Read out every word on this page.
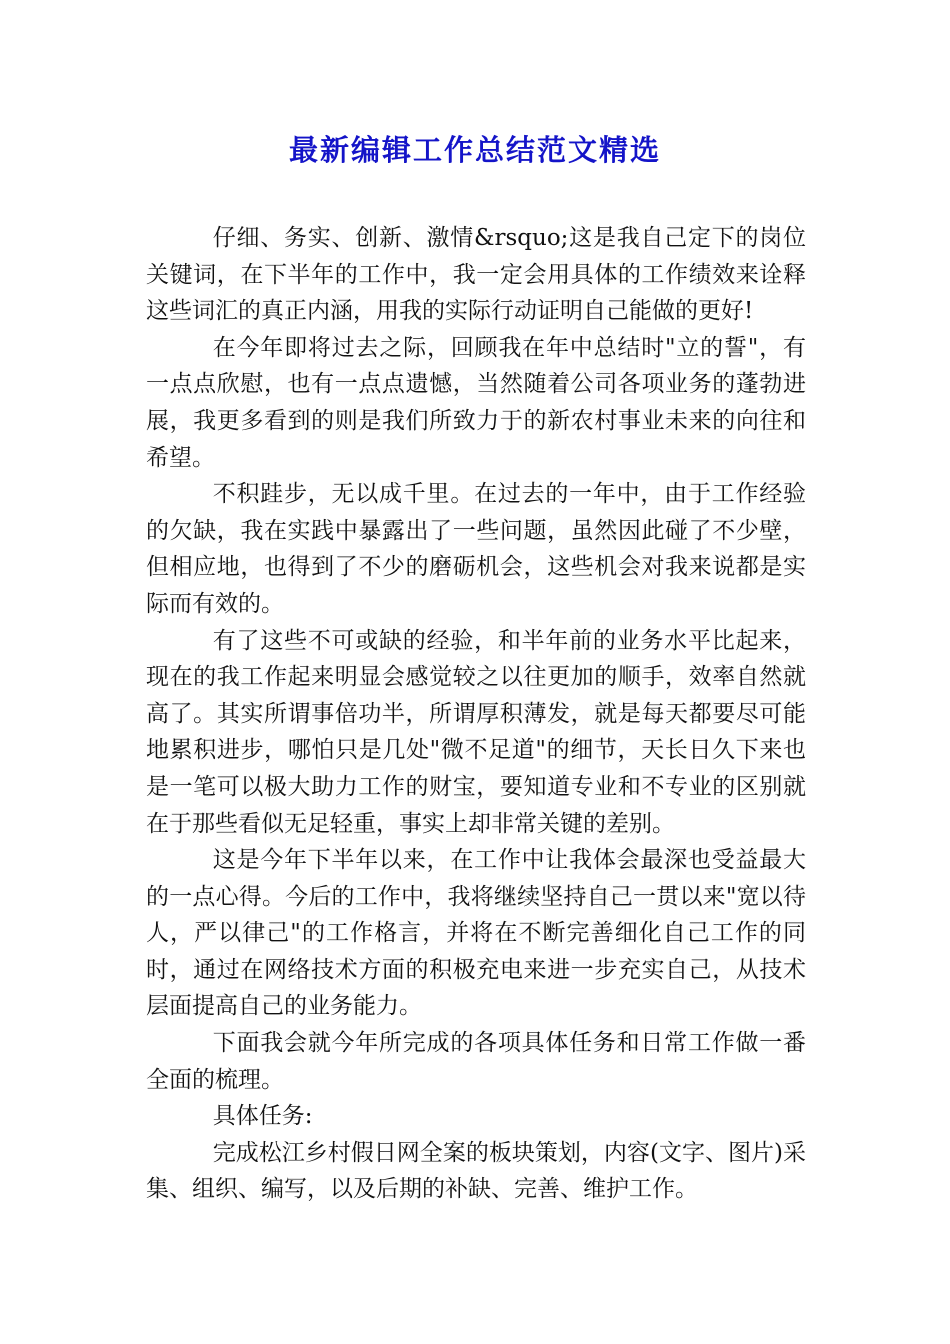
最新编辑工作总结范文精选

仔细、务实、创新、激情&rsquo;这是我自己定下的岗位关键词，在下半年的工作中，我一定会用具体的工作绩效来诠释这些词汇的真正内涵，用我的实际行动证明自己能做的更好!

在今年即将过去之际，回顾我在年中总结时"立的誓"，有一点点欣慰，也有一点点遗憾，当然随着公司各项业务的蓬勃进展，我更多看到的则是我们所致力于的新农村事业未来的向往和希望。

不积跬步，无以成千里。在过去的一年中，由于工作经验的欠缺，我在实践中暴露出了一些问题，虽然因此碰了不少壁，但相应地，也得到了不少的磨砺机会，这些机会对我来说都是实际而有效的。

有了这些不可或缺的经验，和半年前的业务水平比起来，现在的我工作起来明显会感觉较之以往更加的顺手，效率自然就高了。其实所谓事倍功半，所谓厚积薄发，就是每天都要尽可能地累积进步，哪怕只是几处"微不足道"的细节，天长日久下来也是一笔可以极大助力工作的财宝，要知道专业和不专业的区别就在于那些看似无足轻重，事实上却非常关键的差别。

这是今年下半年以来，在工作中让我体会最深也受益最大的一点心得。今后的工作中，我将继续坚持自己一贯以来"宽以待人，严以律己"的工作格言，并将在不断完善细化自己工作的同时，通过在网络技术方面的积极充电来进一步充实自己，从技术层面提高自己的业务能力。

下面我会就今年所完成的各项具体任务和日常工作做一番全面的梳理。

具体任务:

完成松江乡村假日网全案的板块策划，内容(文字、图片)采集、组织、编写，以及后期的补缺、完善、维护工作。
